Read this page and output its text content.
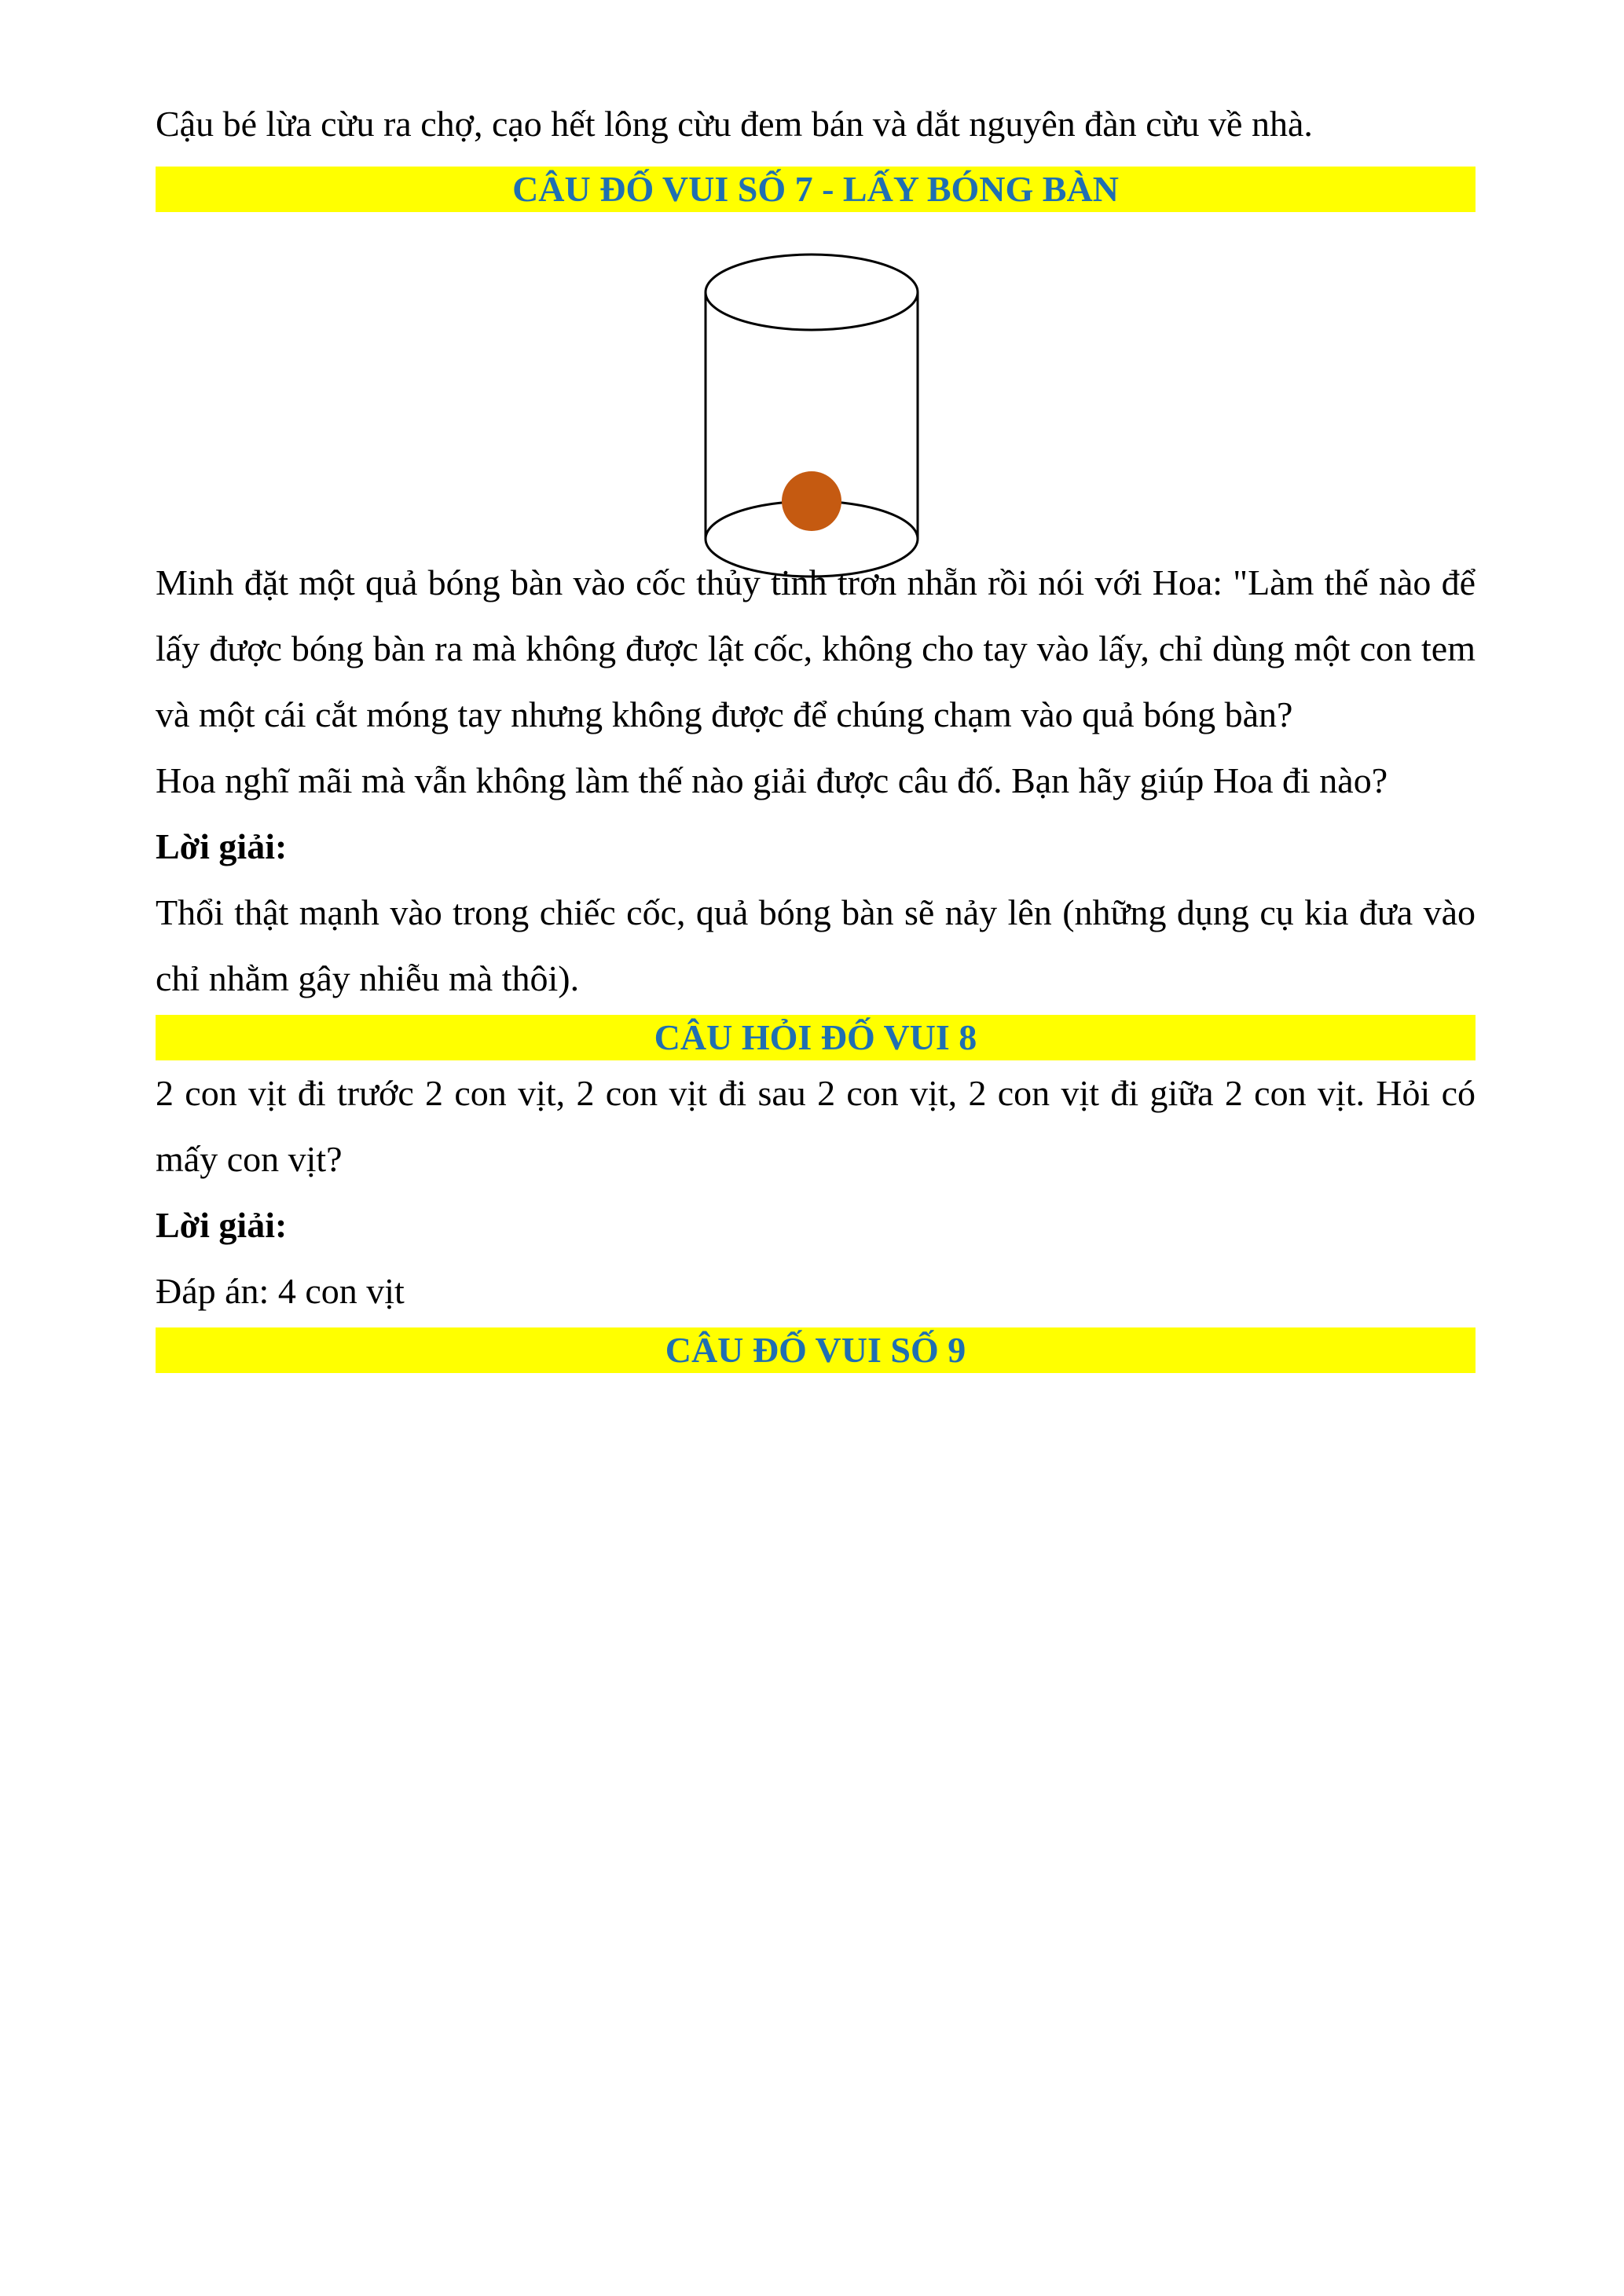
Cậu bé lừa cừu ra chợ, cạo hết lông cừu đem bán và dắt nguyên đàn cừu về nhà.

CÂU ĐỐ VUI SỐ 7 - LẤY BÓNG BÀN

Minh đặt một quả bóng bàn vào cốc thủy tinh trơn nhẵn rồi nói với Hoa: "Làm thế nào để lấy được bóng bàn ra mà không được lật cốc, không cho tay vào lấy, chỉ dùng một con tem và một cái cắt móng tay nhưng không được để chúng chạm vào quả bóng bàn?

Hoa nghĩ mãi mà vẫn không làm thế nào giải được câu đố. Bạn hãy giúp Hoa đi nào?

Lời giải:

Thổi thật mạnh vào trong chiếc cốc, quả bóng bàn sẽ nảy lên (những dụng cụ kia đưa vào chỉ nhằm gây nhiễu mà thôi).

CÂU HỎI ĐỐ VUI 8

2 con vịt đi trước 2 con vịt, 2 con vịt đi sau 2 con vịt, 2 con vịt đi giữa 2 con vịt. Hỏi có mấy con vịt?

Lời giải:

Đáp án: 4 con vịt

CÂU ĐỐ VUI SỐ 9
